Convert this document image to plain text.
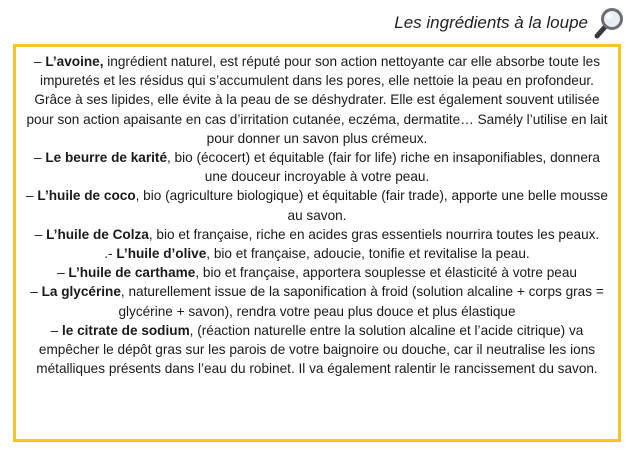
Les ingrédients à la loupe

– L’avoine, ingrédient naturel, est réputé pour son action nettoyante car elle absorbe toute les impuretés et les résidus qui s’accumulent dans les pores, elle nettoie la peau en profondeur. Grâce à ses lipides, elle évite à la peau de se déshydrater. Elle est également souvent utilisée pour son action apaisante en cas d’irritation cutanée, eczéma, dermatite… Samély l’utilise en lait pour donner un savon plus crémeux.

– Le beurre de karité, bio (écocert) et équitable (fair for life) riche en insaponifiables, donnera une douceur incroyable à votre peau.

– L’huile de coco, bio (agriculture biologique) et équitable (fair trade), apporte une belle mousse au savon.

– L’huile de Colza, bio et française, riche en acides gras essentiels nourrira toutes les peaux.

.- L’huile d’olive, bio et française, adoucie, tonifie et revitalise la peau.

– L’huile de carthame, bio et française, apportera souplesse et élasticité à votre peau

– La glycérine, naturellement issue de la saponification à froid (solution alcaline + corps gras = glycérine + savon), rendra votre peau plus douce et plus élastique

– le citrate de sodium, (réaction naturelle entre la solution alcaline et l’acide citrique) va empêcher le dépôt gras sur les parois de votre baignoire ou douche, car il neutralise les ions métalliques présents dans l’eau du robinet. Il va également ralentir le rancissement du savon.
